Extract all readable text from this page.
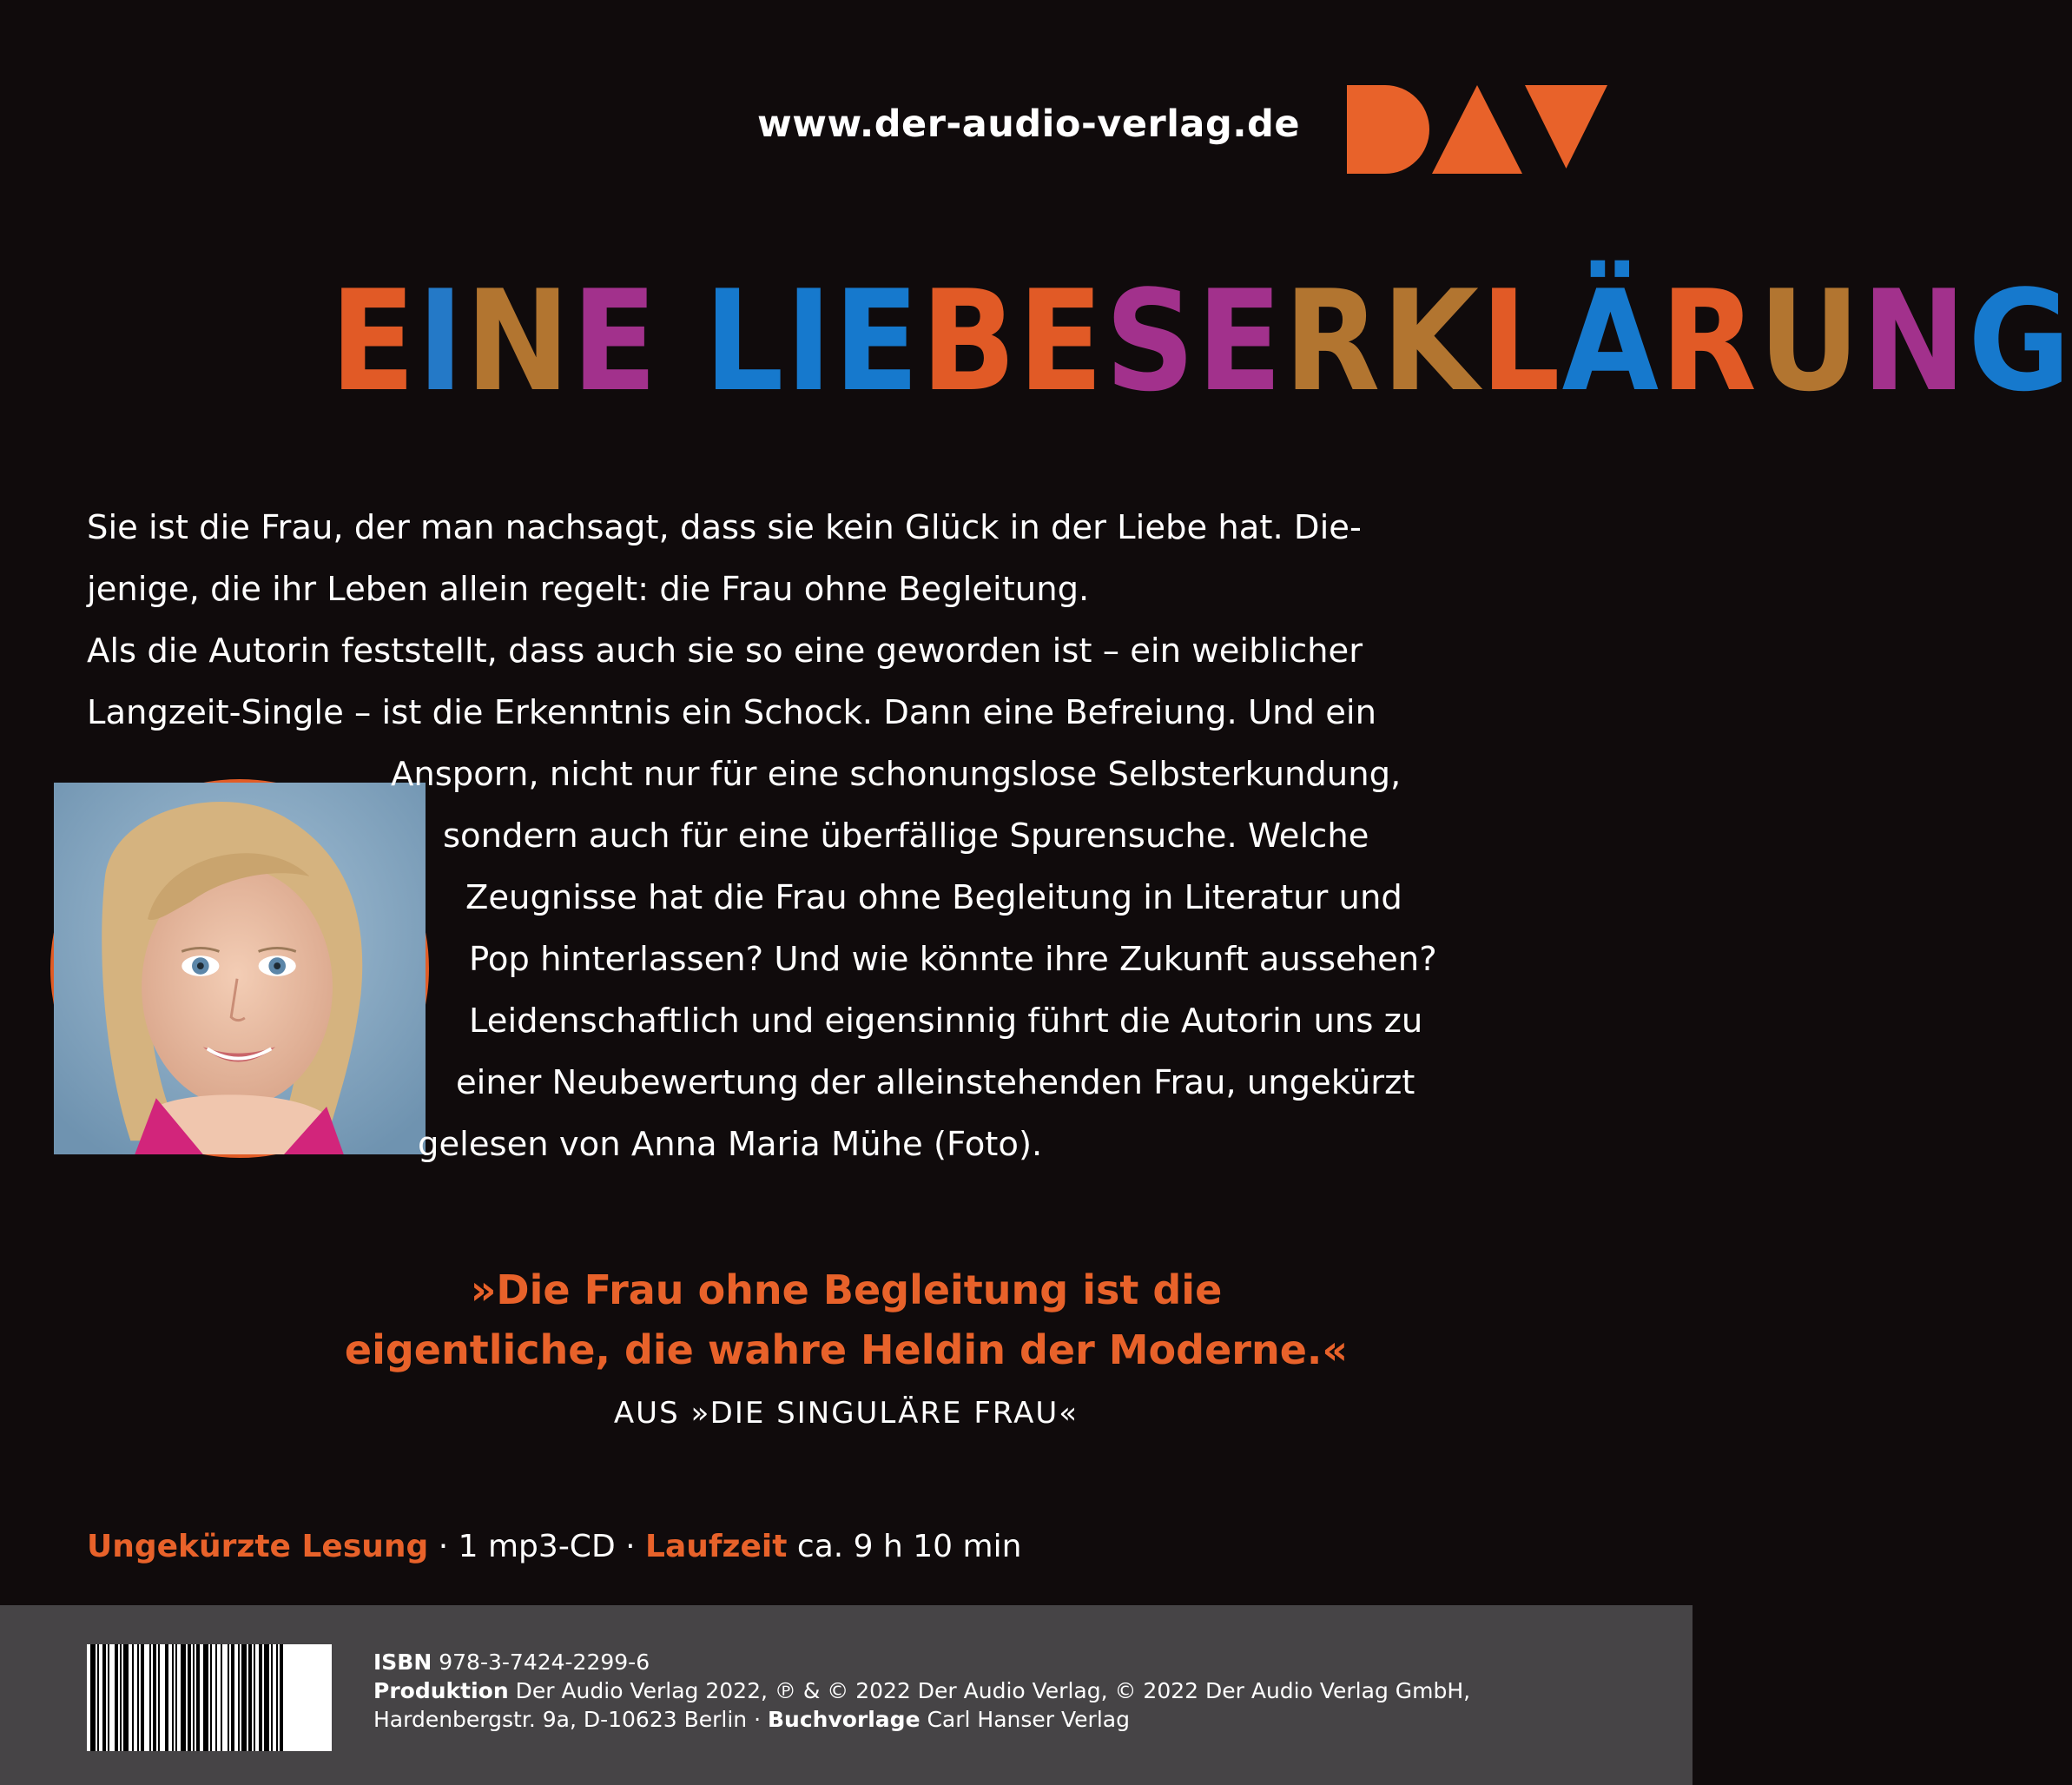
www.der-audio-verlag.de
EINE LIEBESERKLÄRUNG
Sie ist die Frau, der man nachsagt, dass sie kein Glück in der Liebe hat. Die-
jenige, die ihr Leben allein regelt: die Frau ohne Begleitung.
Als die Autorin feststellt, dass auch sie so eine geworden ist – ein weiblicher
Langzeit-Single – ist die Erkenntnis ein Schock. Dann eine Befreiung. Und ein
Ansporn, nicht nur für eine schonungslose Selbsterkundung,
sondern auch für eine überfällige Spurensuche. Welche
Zeugnisse hat die Frau ohne Begleitung in Literatur und
Pop hinterlassen? Und wie könnte ihre Zukunft aussehen?
Leidenschaftlich und eigensinnig führt die Autorin uns zu
einer Neubewertung der alleinstehenden Frau, ungekürzt
gelesen von Anna Maria Mühe (Foto).
»Die Frau ohne Begleitung ist die
eigentliche, die wahre Heldin der Moderne.«
AUS »DIE SINGULÄRE FRAU«
Ungekürzte Lesung · 1 mp3-CD · Laufzeit ca. 9 h 10 min
ISBN 978-3-7424-2299-6
Produktion Der Audio Verlag 2022, ℗ & © 2022 Der Audio Verlag, © 2022 Der Audio Verlag GmbH,
Hardenbergstr. 9a, D-10623 Berlin · Buchvorlage Carl Hanser Verlag
